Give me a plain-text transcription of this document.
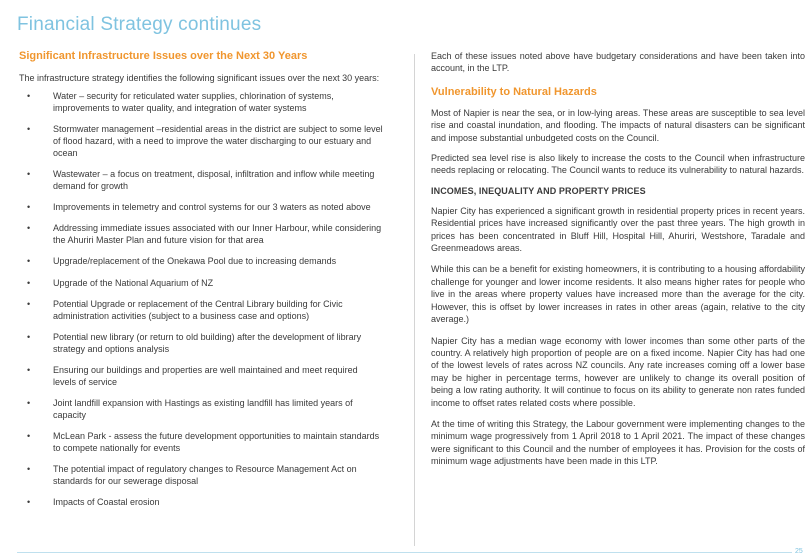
Financial Strategy continues
Significant Infrastructure Issues over the Next 30 Years

The infrastructure strategy identifies the following significant issues over the next 30 years:

•	Water – security for reticulated water supplies, chlorination of systems, improvements to water quality, and integration of water systems
•	Stormwater management –residential areas in the district are subject to some level of flood hazard, with a need to improve the water discharging to our estuary and ocean
•	Wastewater – a focus on treatment, disposal, infiltration and inflow while meeting demand for growth
•	Improvements in telemetry and control systems for our 3 waters as noted above
•	Addressing immediate issues associated with our Inner Harbour, while considering the Ahuriri Master Plan and future vision for that area
•	Upgrade/replacement of the Onekawa Pool due to increasing demands
•	Upgrade of the National Aquarium of NZ
•	Potential Upgrade or replacement of the Central Library building for Civic administration activities (subject to a business case and options)
•	Potential new library (or return to old building) after the development of library strategy and options analysis
•	Ensuring our buildings and properties are well maintained and meet required levels of service
•	Joint landfill expansion with Hastings as existing landfill has limited years of capacity
•	McLean Park - assess the future development opportunities to maintain standards to compete nationally for events
•	The potential impact of regulatory changes to Resource Management Act on standards for our sewerage disposal
•	Impacts of Coastal erosion

Each of these issues noted above have budgetary considerations and have been taken into account, in the LTP.

Vulnerability to Natural Hazards

Most of Napier is near the sea, or in low-lying areas. These areas are susceptible to sea level rise and coastal inundation, and flooding. The impacts of natural disasters can be significant and impose substantial unbudgeted costs on the Council.

Predicted sea level rise is also likely to increase the costs to the Council when infrastructure needs replacing or relocating. The Council wants to reduce its vulnerability to natural hazards.

INCOMES, INEQUALITY AND PROPERTY PRICES

Napier City has experienced a significant growth in residential property prices in recent years. Residential prices have increased significantly over the past three years. The high growth in prices has been concentrated in Bluff Hill, Hospital Hill, Ahuriri, Westshore, Taradale and Greenmeadows areas.

While this can be a benefit for existing homeowners, it is contributing to a housing affordability challenge for younger and lower income residents. It also means higher rates for people who live in the areas where property values have increased more than the average for the city. However, this is offset by lower increases in rates in other areas (again, relative to the city average.)

Napier City has a median wage economy with lower incomes than some other parts of the country. A relatively high proportion of people are on a fixed income. Napier City has had one of the lowest levels of rates across NZ councils. Any rate increases coming off a lower base may be higher in percentage terms, however are unlikely to change its overall position of being a low rating authority. It will continue to focus on its ability to generate non rates funded income to offset rates related costs where possible.

At the time of writing this Strategy, the Labour government were implementing changes to the minimum wage progressively from 1 April 2018 to 1 April 2021. The impact of these changes were significant to this Council and the number of employees it has. Provision for the costs of minimum wage adjustments have been made in this LTP.

25
